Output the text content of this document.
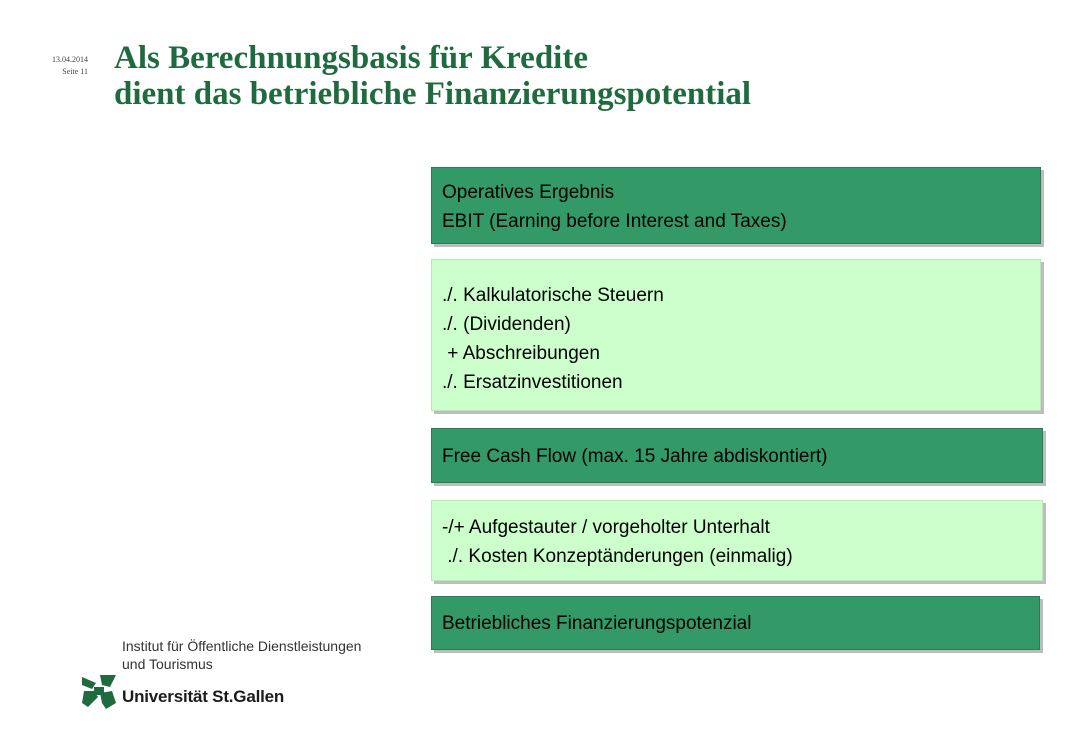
13.04.2014
Seite 11 Als Berechnungsbasis für Kredite
dient das betriebliche Finanzierungspotential
Operatives Ergebnis
EBIT (Earning before Interest and Taxes)
./. Kalkulatorische Steuern
./. (Dividenden)
+ Abschreibungen
./. Ersatzinvestitionen
Free Cash Flow (max. 15 Jahre abdiskontiert)
-/+ Aufgestauter / vorgeholter Unterhalt
./. Kosten Konzeptänderungen (einmalig)
Betriebliches Finanzierungspotenzial
Institut für Öffentliche Dienstleistungen
und Tourismus
Universität St.Gallen
